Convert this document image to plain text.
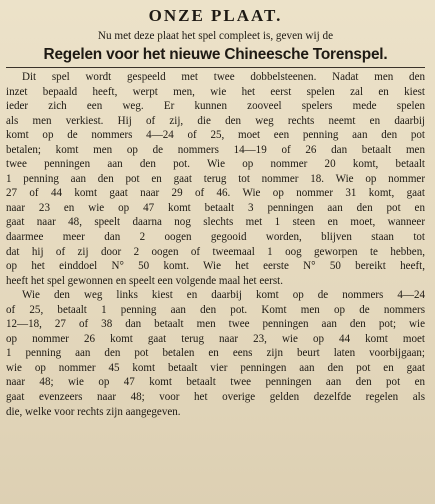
ONZE PLAAT.
Nu met deze plaat het spel compleet is, geven wij de
Regelen voor het nieuwe Chineesche Torenspel.
Dit spel wordt gespeeld met twee dobbelsteenen. Nadat men den
inzet bepaald heeft, werpt men, wie het eerst spelen zal en kiest
ieder zich een weg. Er kunnen zooveel spelers mede spelen
als men verkiest. Hij of zij, die den weg rechts neemt en daarbij
komt op de nommers 4—24 of 25, moet een penning aan den pot
betalen; komt men op de nommers 14—19 of 26 dan betaalt men
twee penningen aan den pot. Wie op nommer 20 komt, betaalt
1 penning aan den pot en gaat terug tot nommer 18. Wie op nommer
27 of 44 komt gaat naar 29 of 46. Wie op nommer 31 komt, gaat
naar 23 en wie op 47 komt betaalt 3 penningen aan den pot en
gaat naar 48, speelt daarna nog slechts met 1 steen en moet, wanneer
daarmee meer dan 2 oogen gegooid worden, blijven staan tot
dat hij of zij door 2 oogen of tweemaal 1 oog geworpen te hebben,
op het einddoel N° 50 komt. Wie het eerste N° 50 bereikt heeft,
heeft het spel gewonnen en speelt een volgende maal het eerst.
Wie den weg links kiest en daarbij komt op de nommers 4—24
of 25, betaalt 1 penning aan den pot. Komt men op de nommers
12—18, 27 of 38 dan betaalt men twee penningen aan den pot; wie
op nommer 26 komt gaat terug naar 23, wie op 44 komt moet
1 penning aan den pot betalen en eens zijn beurt laten voorbijgaan;
wie op nommer 45 komt betaalt vier penningen aan den pot en gaat
naar 48; wie op 47 komt betaalt twee penningen aan den pot en
gaat evenzeers naar 48; voor het overige gelden dezelfde regelen als
die, welke voor rechts zijn aangegeven.
